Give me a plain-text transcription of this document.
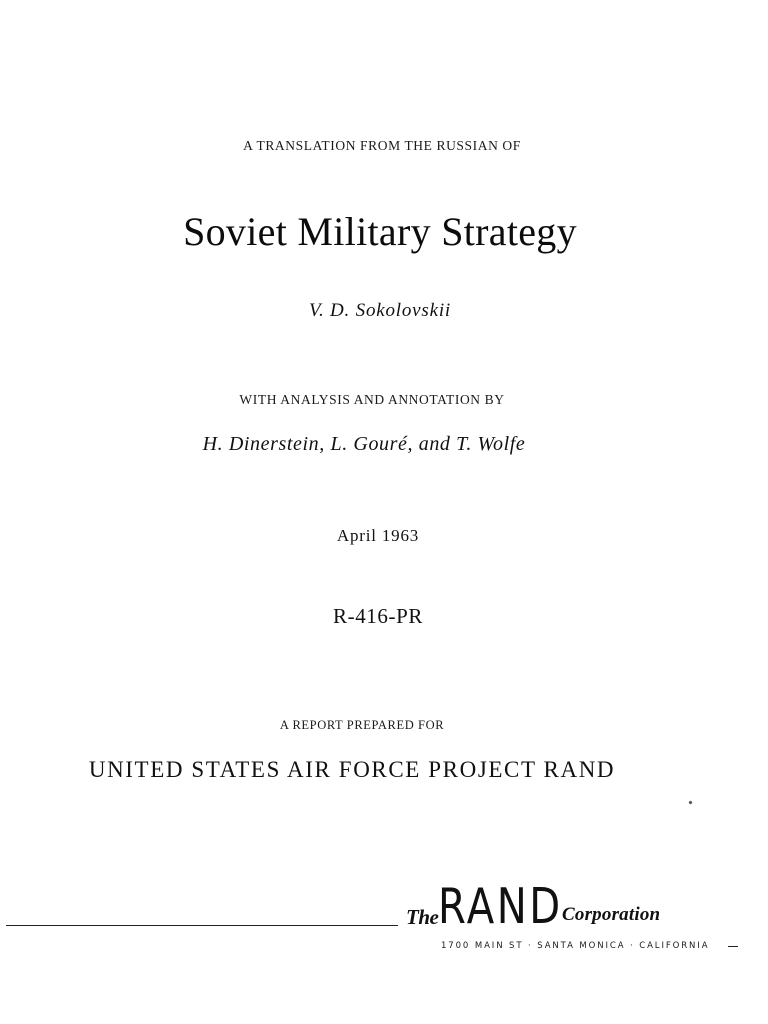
A TRANSLATION FROM THE RUSSIAN OF
Soviet Military Strategy
V. D. Sokolovskii
WITH ANALYSIS AND ANNOTATION BY
H. Dinerstein, L. Gouré, and T. Wolfe
April 1963
R-416-PR
A REPORT PREPARED FOR
UNITED STATES AIR FORCE PROJECT RAND
The RAND Corporation
1700 MAIN ST · SANTA MONICA · CALIFORNIA
